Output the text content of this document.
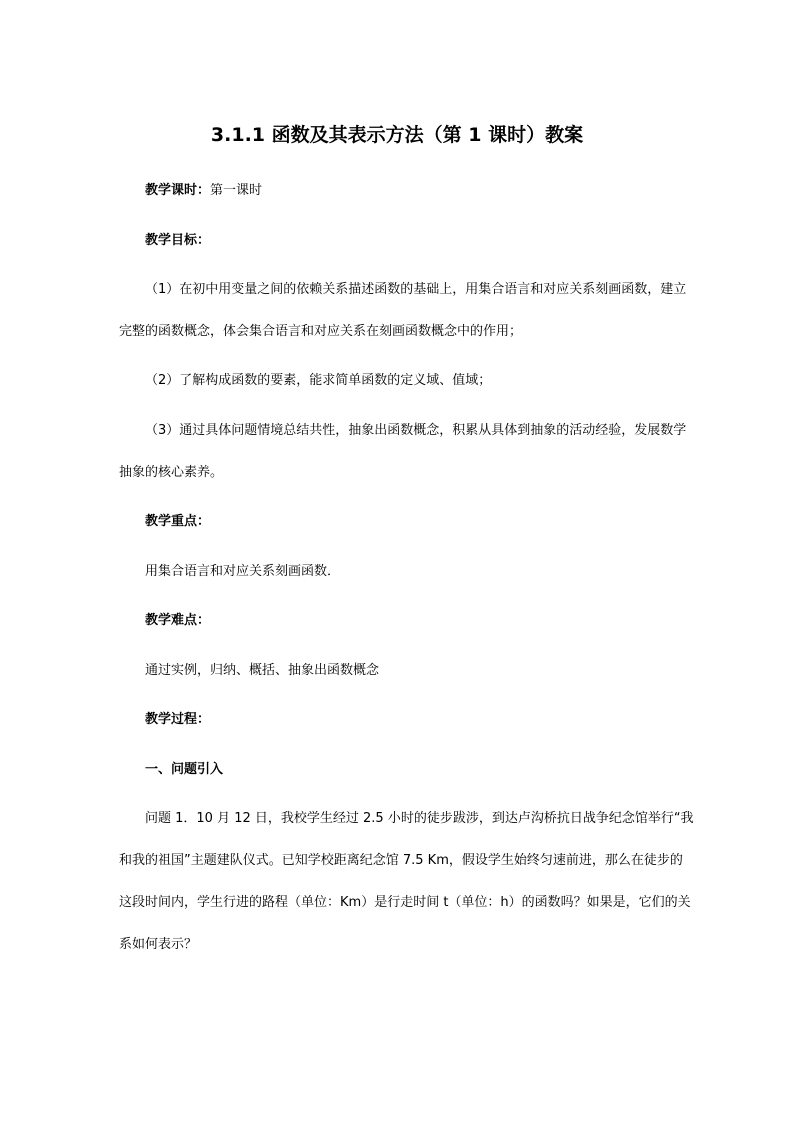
3.1.1 函数及其表示方法（第 1 课时）教案
教学课时：第一课时
教学目标：
（1）在初中用变量之间的依赖关系描述函数的基础上，用集合语言和对应关系刻画函数，建立
完整的函数概念，体会集合语言和对应关系在刻画函数概念中的作用；
（2）了解构成函数的要素，能求简单函数的定义域、值域；
（3）通过具体问题情境总结共性，抽象出函数概念，积累从具体到抽象的活动经验，发展数学
抽象的核心素养。
教学重点：
用集合语言和对应关系刻画函数．
教学难点：
通过实例，归纳、概括、抽象出函数概念
教学过程：
一、问题引入
问题 1．10 月 12 日，我校学生经过 2.5 小时的徒步跋涉，到达卢沟桥抗日战争纪念馆举行“我
和我的祖国”主题建队仪式。已知学校距离纪念馆 7.5 Km，假设学生始终匀速前进，那么在徒步的
这段时间内，学生行进的路程（单位：Km）是行走时间 t（单位：h）的函数吗？如果是，它们的关
系如何表示？
